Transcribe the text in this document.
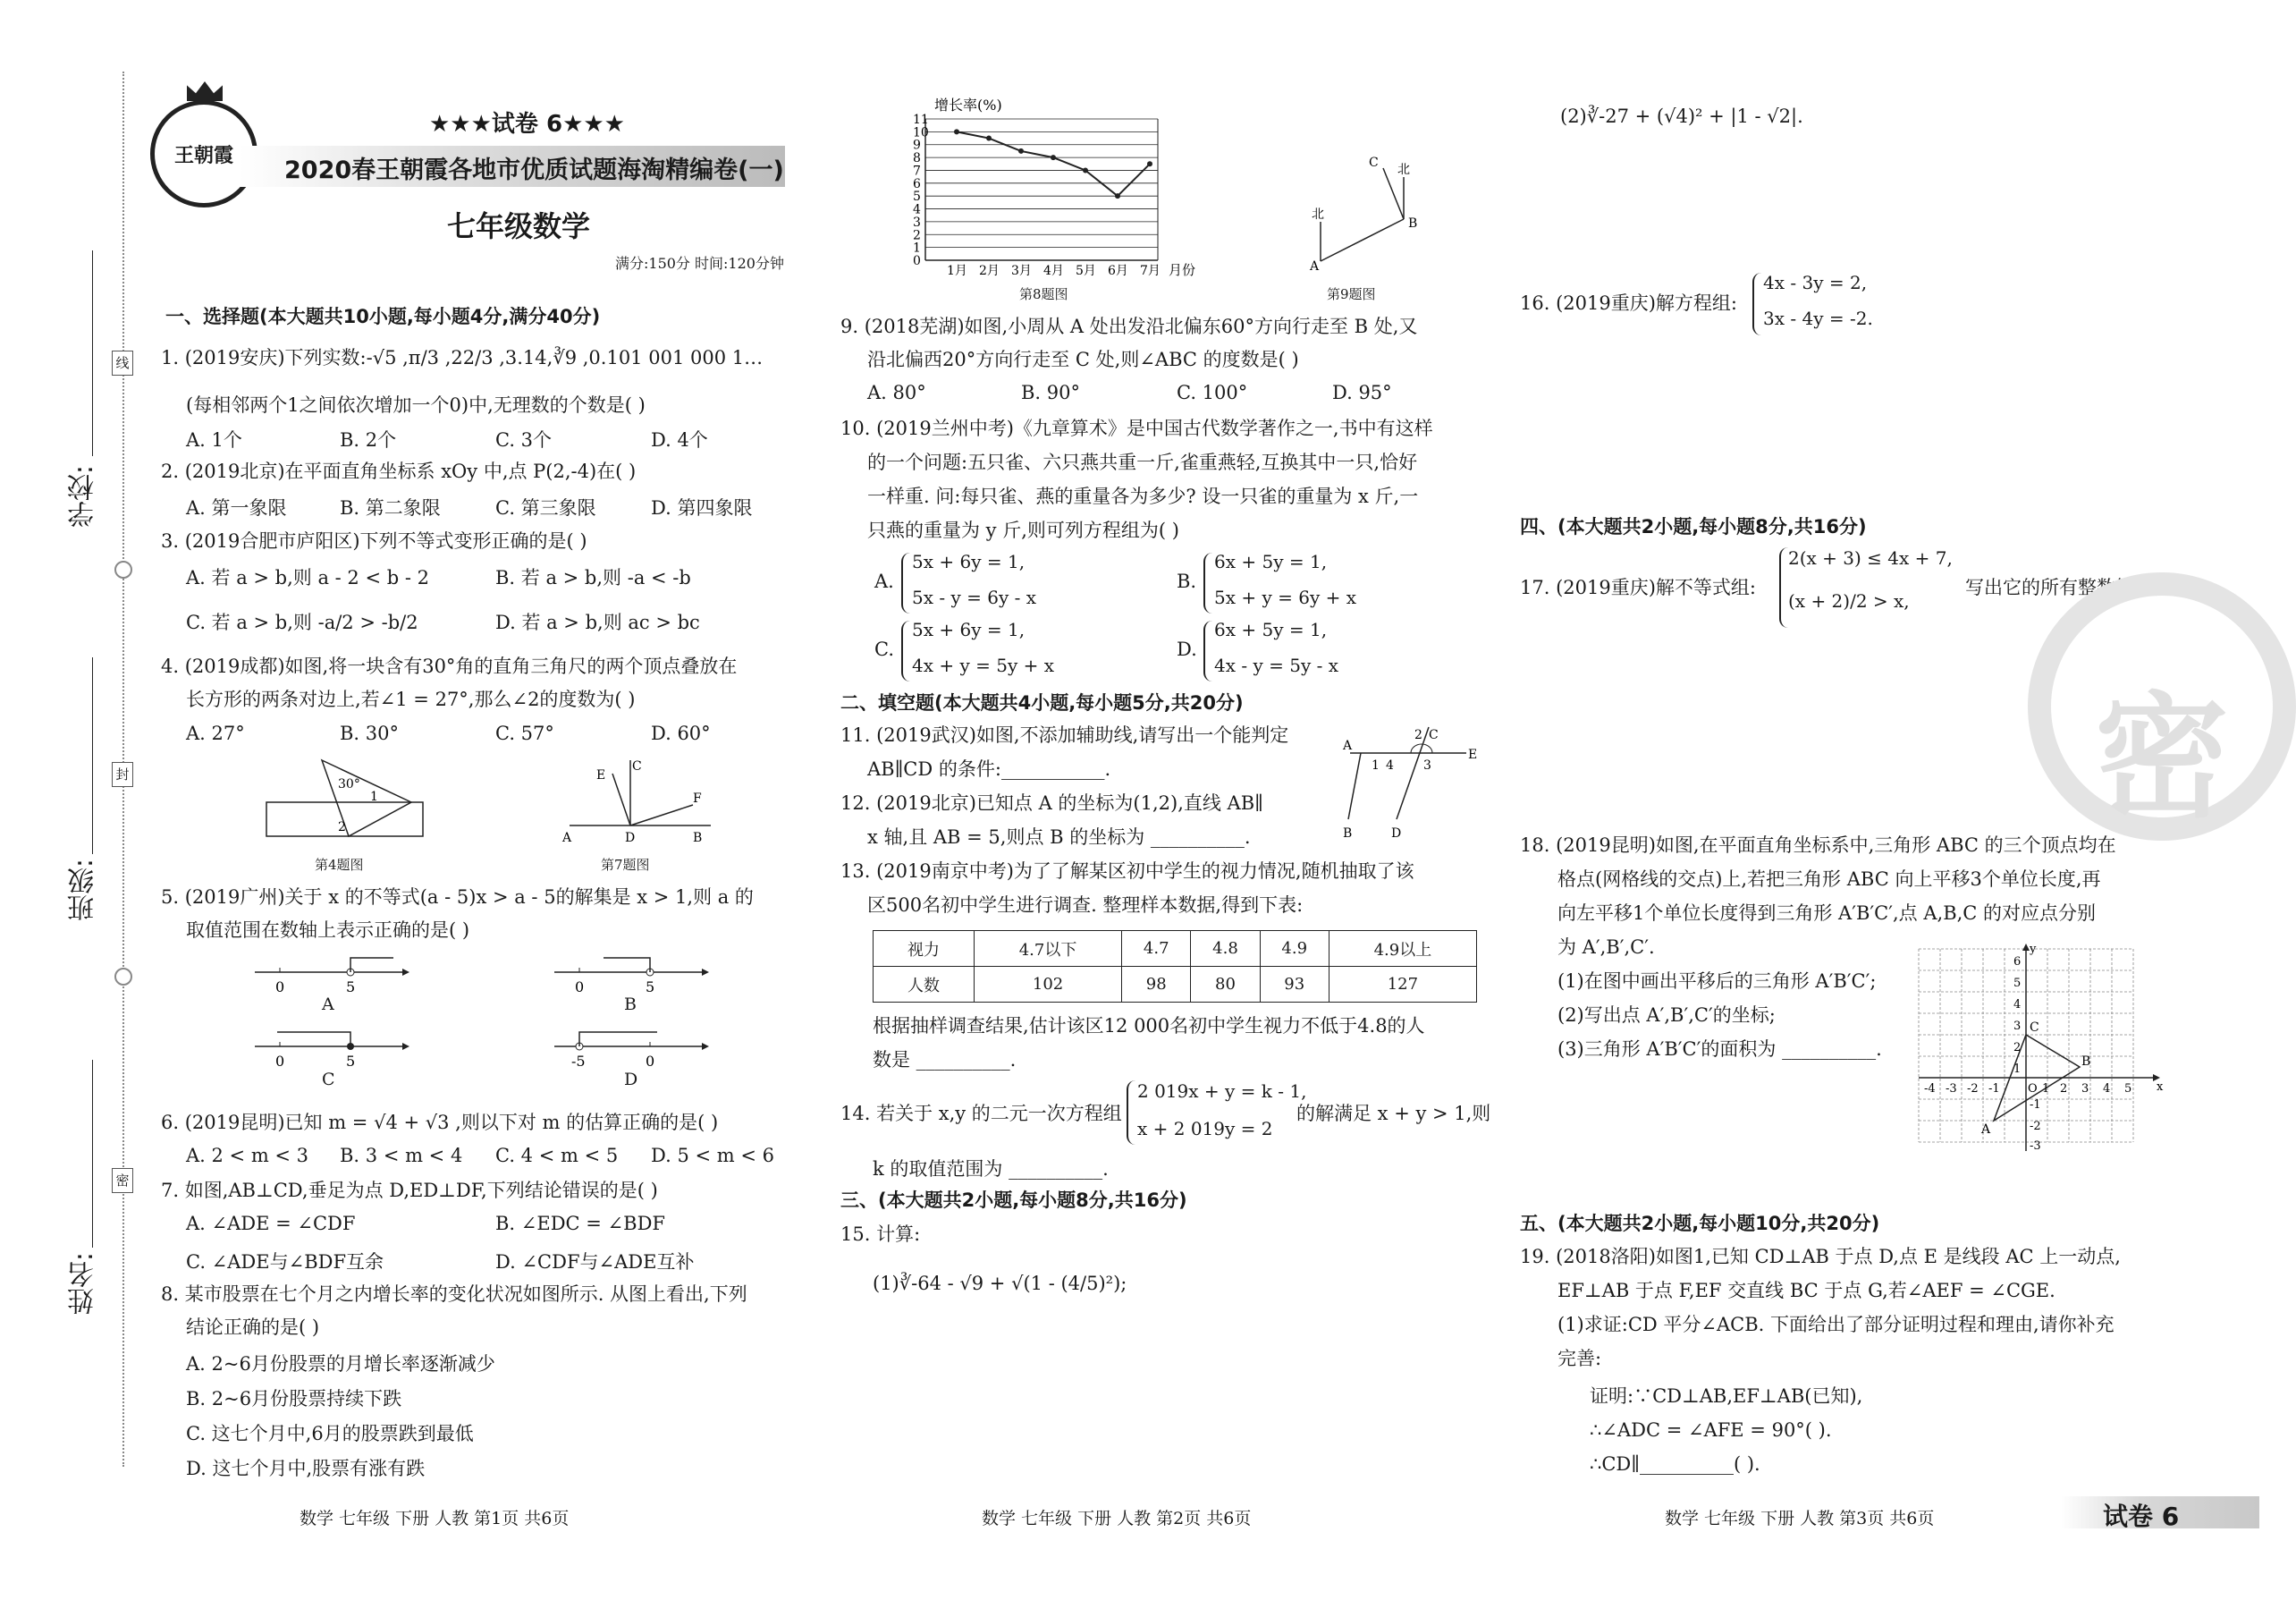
线
封
密
学校:
班级:
姓名:
王朝霞
★★★试卷 6★★★
2020春王朝霞各地市优质试题海淘精编卷(一)
七年级数学
满分:150分 时间:120分钟
一、选择题(本大题共10小题,每小题4分,满分40分)
1. (2019安庆)下列实数:-√5 ,π/3 ,22/3 ,3.14,∛9 ,0.101 001 000 1…
(每相邻两个1之间依次增加一个0)中,无理数的个数是( )
A. 1个	B. 2个	C. 3个	D. 4个
2. (2019北京)在平面直角坐标系 xOy 中,点 P(2,-4)在( )
A. 第一象限	B. 第二象限	C. 第三象限	D. 第四象限
3. (2019合肥市庐阳区)下列不等式变形正确的是( )
A. 若 a > b,则 a - 2 < b - 2	B. 若 a > b,则 -a < -b
C. 若 a > b,则 -a/2 > -b/2	D. 若 a > b,则 ac > bc
4. (2019成都)如图,将一块含有30°角的直角三角尺的两个顶点叠放在
长方形的两条对边上,若∠1 = 27°,那么∠2的度数为( )
A. 27°	B. 30°	C. 57°	D. 60°
30°
1
2
第4题图
A	D	B
C
E
F
第7题图
5. (2019广州)关于 x 的不等式(a - 5)x > a - 5的解集是 x > 1,则 a 的
取值范围在数轴上表示正确的是( )
0	5
A
0	5
B
0	5
C
-5	0
D
6. (2019昆明)已知 m = √4 + √3 ,则以下对 m 的估算正确的是( )
A. 2 < m < 3 B. 3 < m < 4 C. 4 < m < 5 D. 5 < m < 6
7. 如图,AB⊥CD,垂足为点 D,ED⊥DF,下列结论错误的是( )
A. ∠ADE = ∠CDF	B. ∠EDC = ∠BDF
C. ∠ADE与∠BDF互余	D. ∠CDF与∠ADE互补
8. 某市股票在七个月之内增长率的变化状况如图所示. 从图上看出,下列
结论正确的是( )
A. 2~6月份股票的月增长率逐渐减少
B. 2~6月份股票持续下跌
C. 这七个月中,6月的股票跌到最低
D. 这七个月中,股票有涨有跌
数学 七年级 下册 人教 第1页 共6页
增长率(%)
0
1
2
3
4
5
6
7
8
9
10
11
1月 2月 3月 4月 5月 6月 7月 月份
第8题图
北
北
A
B
C
第9题图
9. (2018芜湖)如图,小周从 A 处出发沿北偏东60°方向行走至 B 处,又
沿北偏西20°方向行走至 C 处,则∠ABC 的度数是( )
A. 80°	B. 90°	C. 100°	D. 95°
10. (2019兰州中考)《九章算术》是中国古代数学著作之一,书中有这样
的一个问题:五只雀、六只燕共重一斤,雀重燕轻,互换其中一只,恰好
一样重. 问:每只雀、燕的重量各为多少? 设一只雀的重量为 x 斤,一
只燕的重量为 y 斤,则可列方程组为( )
A.
5x + 6y = 1,
5x - y = 6y - x
B.
6x + 5y = 1,
5x + y = 6y + x
C.
5x + 6y = 1,
4x + y = 5y + x
D.
6x + 5y = 1,
4x - y = 5y - x
二、填空题(本大题共4小题,每小题5分,共20分)
11. (2019武汉)如图,不添加辅助线,请写出一个能判定
AB∥CD 的条件:___________.
A
E
2 C
1 4 3
B	D
12. (2019北京)已知点 A 的坐标为(1,2),直线 AB∥
x 轴,且 AB = 5,则点 B 的坐标为 __________.
13. (2019南京中考)为了了解某区初中学生的视力情况,随机抽取了该
区500名初中学生进行调查. 整理样本数据,得到下表:
视力	4.7以下	4.7	4.8	4.9	4.9以上
人数	102	98	80	93	127
根据抽样调查结果,估计该区12 000名初中学生视力不低于4.8的人
数是 __________.
14. 若关于 x,y 的二元一次方程组
2 019x + y = k - 1,
x + 2 019y = 2
的解满足 x + y > 1,则
k 的取值范围为 __________.
三、(本大题共2小题,每小题8分,共16分)
15. 计算:
(1)∛-64 - √9 + √(1 - (4/5)²);
数学 七年级 下册 人教 第2页 共6页
(2)∛-27 + (√4)² + |1 - √2|.
16. (2019重庆)解方程组:
4x - 3y = 2,
3x - 4y = -2.
四、(本大题共2小题,每小题8分,共16分)
17. (2019重庆)解不等式组:
2(x + 3) ≤ 4x + 7,
(x + 2)/2 > x,
写出它的所有整数解.
密
18. (2019昆明)如图,在平面直角坐标系中,三角形 ABC 的三个顶点均在
格点(网格线的交点)上,若把三角形 ABC 向上平移3个单位长度,再
向左平移1个单位长度得到三角形 A′B′C′,点 A,B,C 的对应点分别
为 A′,B′,C′.
(1)在图中画出平移后的三角形 A′B′C′;
(2)写出点 A′,B′,C′的坐标;
(3)三角形 A′B′C′的面积为 __________.
C
B
A
x
y
O
-4 -3 -2 -1	1 2 3 4 5
6
5
4
3
2
1
-1
-2
-3
五、(本大题共2小题,每小题10分,共20分)
19. (2018洛阳)如图1,已知 CD⊥AB 于点 D,点 E 是线段 AC 上一动点,
EF⊥AB 于点 F,EF 交直线 BC 于点 G,若∠AEF = ∠CGE.
(1)求证:CD 平分∠ACB. 下面给出了部分证明过程和理由,请你补充
完善:
证明:∵CD⊥AB,EF⊥AB(已知),
∴∠ADC = ∠AFE = 90°( ).
∴CD∥__________( ).
数学 七年级 下册 人教 第3页 共6页	试卷 6
